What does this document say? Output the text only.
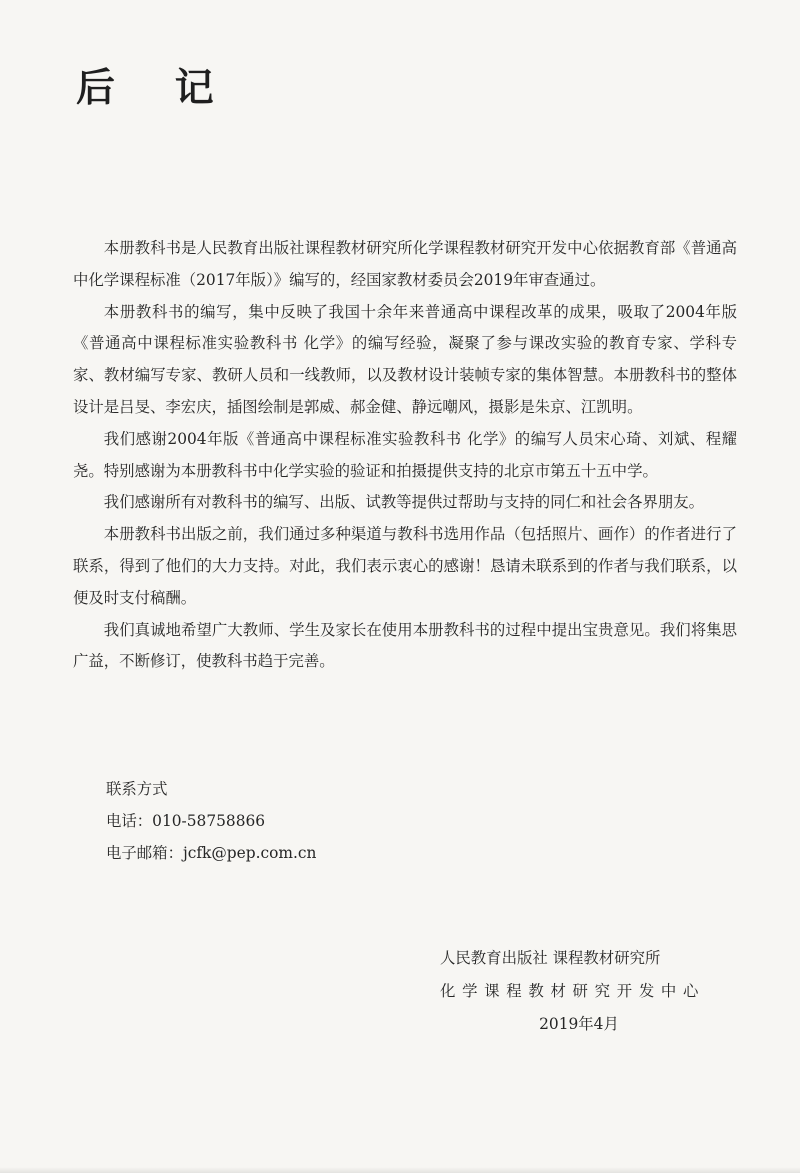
后 记

本册教科书是人民教育出版社课程教材研究所化学课程教材研究开发中心依据教育部《普通高中化学课程标准（2017年版）》编写的，经国家教材委员会2019年审查通过。

本册教科书的编写，集中反映了我国十余年来普通高中课程改革的成果，吸取了2004年版《普通高中课程标准实验教科书 化学》的编写经验，凝聚了参与课改实验的教育专家、学科专家、教材编写专家、教研人员和一线教师，以及教材设计装帧专家的集体智慧。本册教科书的整体设计是吕旻、李宏庆，插图绘制是郭威、郝金健、静远嘲风，摄影是朱京、江凯明。

我们感谢2004年版《普通高中课程标准实验教科书 化学》的编写人员宋心琦、刘斌、程耀尧。特别感谢为本册教科书中化学实验的验证和拍摄提供支持的北京市第五十五中学。

我们感谢所有对教科书的编写、出版、试教等提供过帮助与支持的同仁和社会各界朋友。

本册教科书出版之前，我们通过多种渠道与教科书选用作品（包括照片、画作）的作者进行了联系，得到了他们的大力支持。对此，我们表示衷心的感谢！恳请未联系到的作者与我们联系，以便及时支付稿酬。

我们真诚地希望广大教师、学生及家长在使用本册教科书的过程中提出宝贵意见。我们将集思广益，不断修订，使教科书趋于完善。

联系方式
电话：010-58758866
电子邮箱：jcfk@pep.com.cn
人民教育出版社 课程教材研究所
化学课程教材研究开发中心
2019年4月
